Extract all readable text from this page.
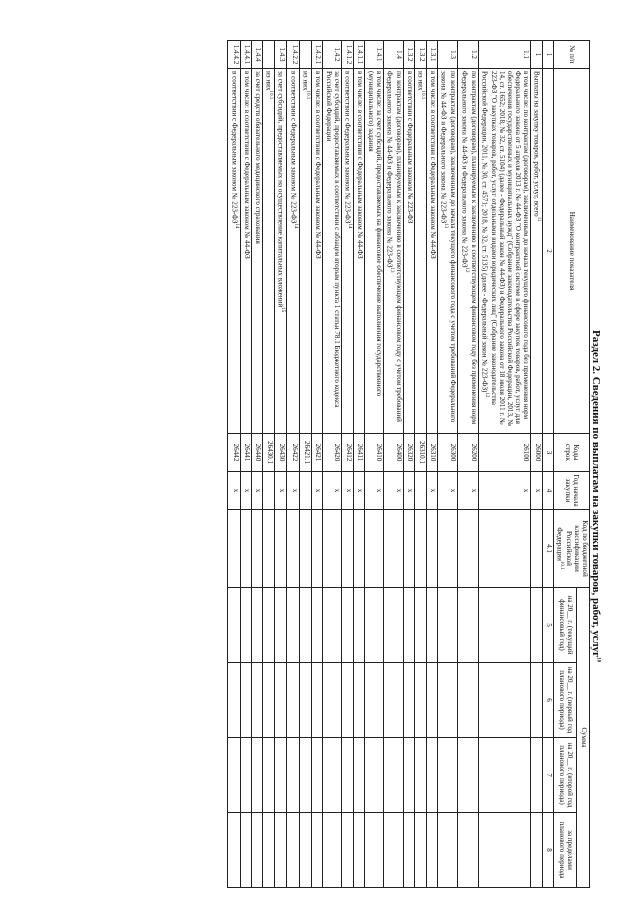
Раздел 2. Сведения по выплатам на закупки товаров, работ, услуг$^{10}$
№ п/п	Наименование показателя	Коды строк	Год начала закупки	Код по бюджетной классификации Российской Федерации$^{10.1}$	Сумма			
					на 20__ г. (текущий финансовый год)	на 20__ г. (первый год планового периода)	на 20__ г. (второй год планового периода)	за пределами планового периода
1	2	3	4	4.1	5	6	7	8
1	Выплаты на закупку товаров, работ, услуг, всего$^{11}$	26000	x					
1.1	в том числе: по контрактам (договорам), заключенным до начала текущего финансового года без применения норм Федерального закона от 5 апреля 2013 г. № 44-ФЗ "О контрактной системе в сфере закупок товаров, работ, услуг для обеспечения государственных и муниципальных нужд" (Собрание законодательства Российской Федерации, 2013, № 14, ст. 1652; 2018, № 32, ст. 5104) (далее - Федеральный закон № 44-ФЗ) и Федерального закона от 18 июля 2011 г. № 223-ФЗ "О закупках товаров, работ, услуг отдельными видами юридических лиц" (Собрание законодательства Российской Федерации, 2011, № 30, ст. 4571; 2018, № 32, ст. 5135) (далее - Федеральный закон № 223-ФЗ)$^{12}$	26100	x					
1.2	по контрактам (договорам), планируемым к заключению в соответствующем финансовом году без применения норм Федерального закона № 44-ФЗ и Федерального закона № 223-ФЗ$^{12}$	26200	x					
1.3	по контрактам (договорам), заключенным до начала текущего финансового года с учетом требований Федерального закона № 44-ФЗ и Федерального закона № 223-ФЗ$^{13}$	26300	x					
1.3.1	в том числе: в соответствии с Федеральным законом № 44-ФЗ	26310	x					
1.3.2	из них$^{10.1}$	26310.1						
1.3.2	в соответствии с Федеральным законом № 223-ФЗ	26320	x					
1.4	по контрактам (договорам), планируемым к заключению в соответствующем финансовом году с учетом требований Федерального закона № 44-ФЗ и Федерального закона № 223-ФЗ$^{13}$	26400	x					
1.4.1	в том числе: за счет субсидий, предоставляемых на финансовое обеспечение выполнения государственного (муниципального) задания	26410	x					
1.4.1.1	в том числе: в соответствии с Федеральным законом № 44-ФЗ	26411	x					
1.4.1.2	в соответствии с Федеральным законом № 223-ФЗ$^{14}$	26412	x					
1.4.2	за счет субсидий, предоставляемых в соответствии с абзацем вторым пункта 1 статьи 78.1 Бюджетного кодекса Российской Федерации	26420	x					
1.4.2.1	в том числе: в соответствии с Федеральным законом № 44-ФЗ	26421	x					
	из них$^{10.1}$	26421.1						
1.4.2.2	в соответствии с Федеральным законом № 223-ФЗ$^{14}$	26422	x					
1.4.3	за счет субсидий, предоставляемых на осуществление капитальных вложений$^{15}$	26430	x					
	из них$^{10.1}$	26430.1						
1.4.4	за счет средств обязательного медицинского страхования	26440	x					
1.4.4.1	в том числе: в соответствии с Федеральным законом № 44-ФЗ	26441	x					
1.4.4.2	в соответствии с Федеральным законом № 223-ФЗ$^{14}$	26442	x					
